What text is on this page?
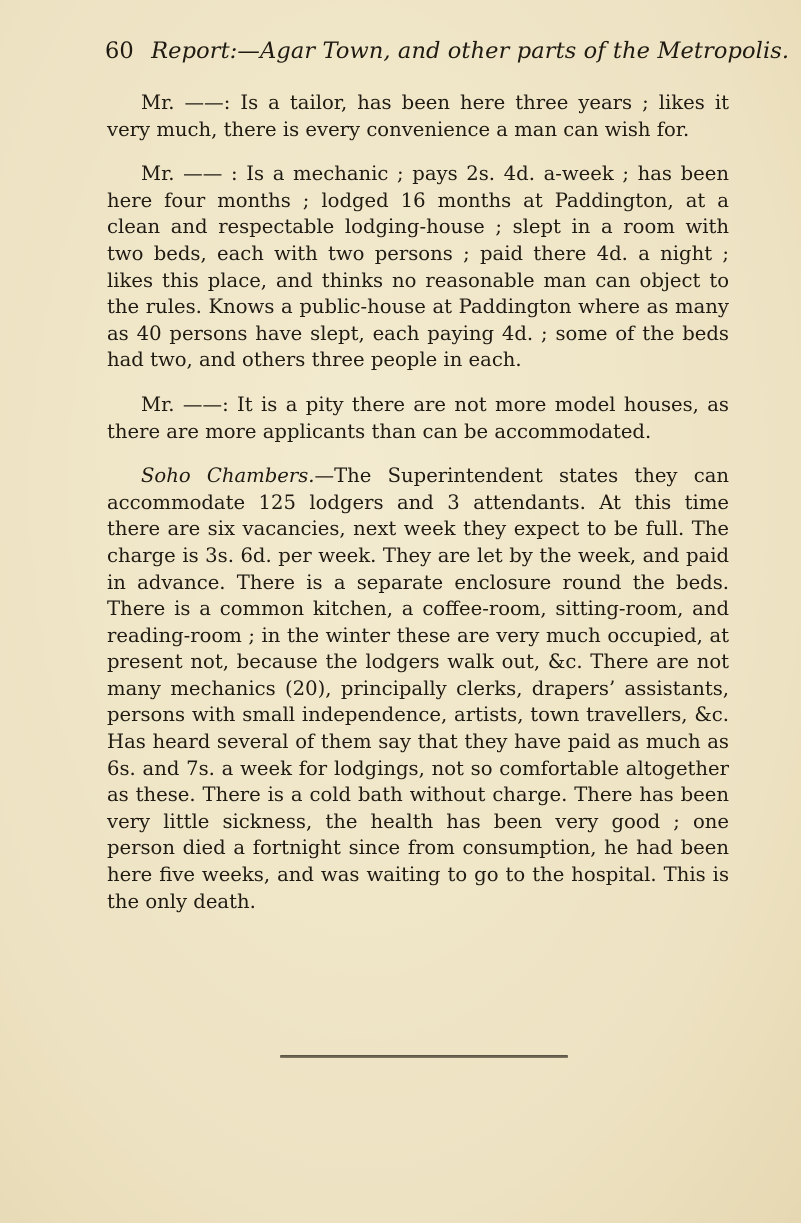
60 Report:—Agar Town, and other parts of the Metropolis.

Mr. ——: Is a tailor, has been here three years ; likes it very much, there is every convenience a man can wish for.

Mr. —— : Is a mechanic ; pays 2s. 4d. a-week ; has been here four months ; lodged 16 months at Paddington, at a clean and respectable lodging-house ; slept in a room with two beds, each with two persons ; paid there 4d. a night ; likes this place, and thinks no reasonable man can object to the rules. Knows a public-house at Paddington where as many as 40 persons have slept, each paying 4d. ; some of the beds had two, and others three people in each.

Mr. ——: It is a pity there are not more model houses, as there are more applicants than can be accommodated.

Soho Chambers.—The Superintendent states they can accommodate 125 lodgers and 3 attendants. At this time there are six vacancies, next week they expect to be full. The charge is 3s. 6d. per week. They are let by the week, and paid in advance. There is a separate enclosure round the beds. There is a common kitchen, a coffee-room, sitting-room, and reading-room ; in the winter these are very much occupied, at present not, because the lodgers walk out, &c. There are not many mechanics (20), principally clerks, drapers’ assistants, persons with small independence, artists, town travellers, &c. Has heard several of them say that they have paid as much as 6s. and 7s. a week for lodgings, not so comfortable altogether as these. There is a cold bath without charge. There has been very little sickness, the health has been very good ; one person died a fortnight since from consumption, he had been here five weeks, and was waiting to go to the hospital. This is the only death.
